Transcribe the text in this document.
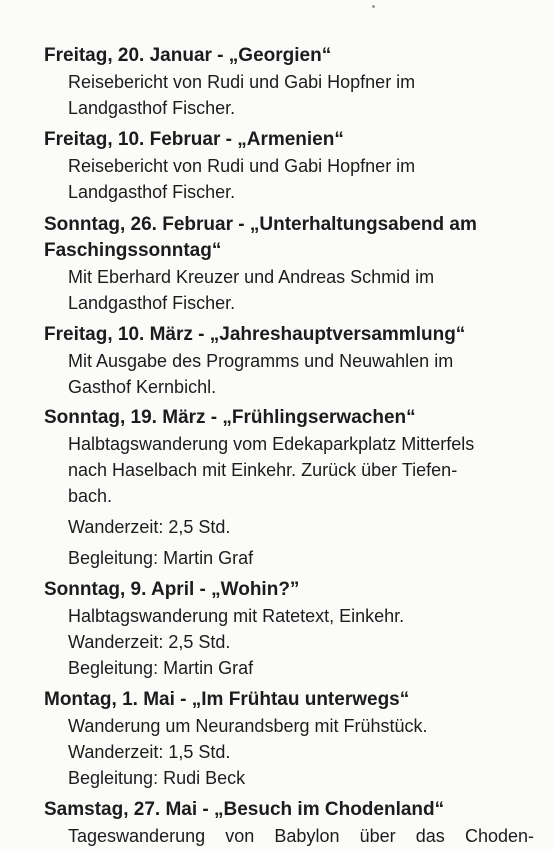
Freitag, 20. Januar - „Georgien“

Reisebericht von Rudi und Gabi Hopfner im

Landgasthof Fischer.

Freitag, 10. Februar - „Armenien“

Reisebericht von Rudi und Gabi Hopfner im

Landgasthof Fischer.

Sonntag, 26. Februar - „Unterhaltungsabend am
Faschingssonntag“

Mit Eberhard Kreuzer und Andreas Schmid im

Landgasthof Fischer.

Freitag, 10. März - „Jahreshauptversammlung“

Mit Ausgabe des Programms und Neuwahlen im

Gasthof Kernbichl.

Sonntag, 19. März - „Frühlingserwachen“

Halbtagswanderung vom Edekaparkplatz Mitterfels

nach Haselbach mit Einkehr. Zurück über Tiefen-

bach.

Wanderzeit: 2,5 Std.

Begleitung: Martin Graf

Sonntag, 9. April - „Wohin?”

Halbtagswanderung mit Ratetext, Einkehr.

Wanderzeit: 2,5 Std.

Begleitung: Martin Graf

Montag, 1. Mai - „Im Frühtau unterwegs“

Wanderung um Neurandsberg mit Frühstück.

Wanderzeit: 1,5 Std.

Begleitung: Rudi Beck

Samstag, 27. Mai - „Besuch im Chodenland“

Tageswanderung von Babylon über das Choden-
